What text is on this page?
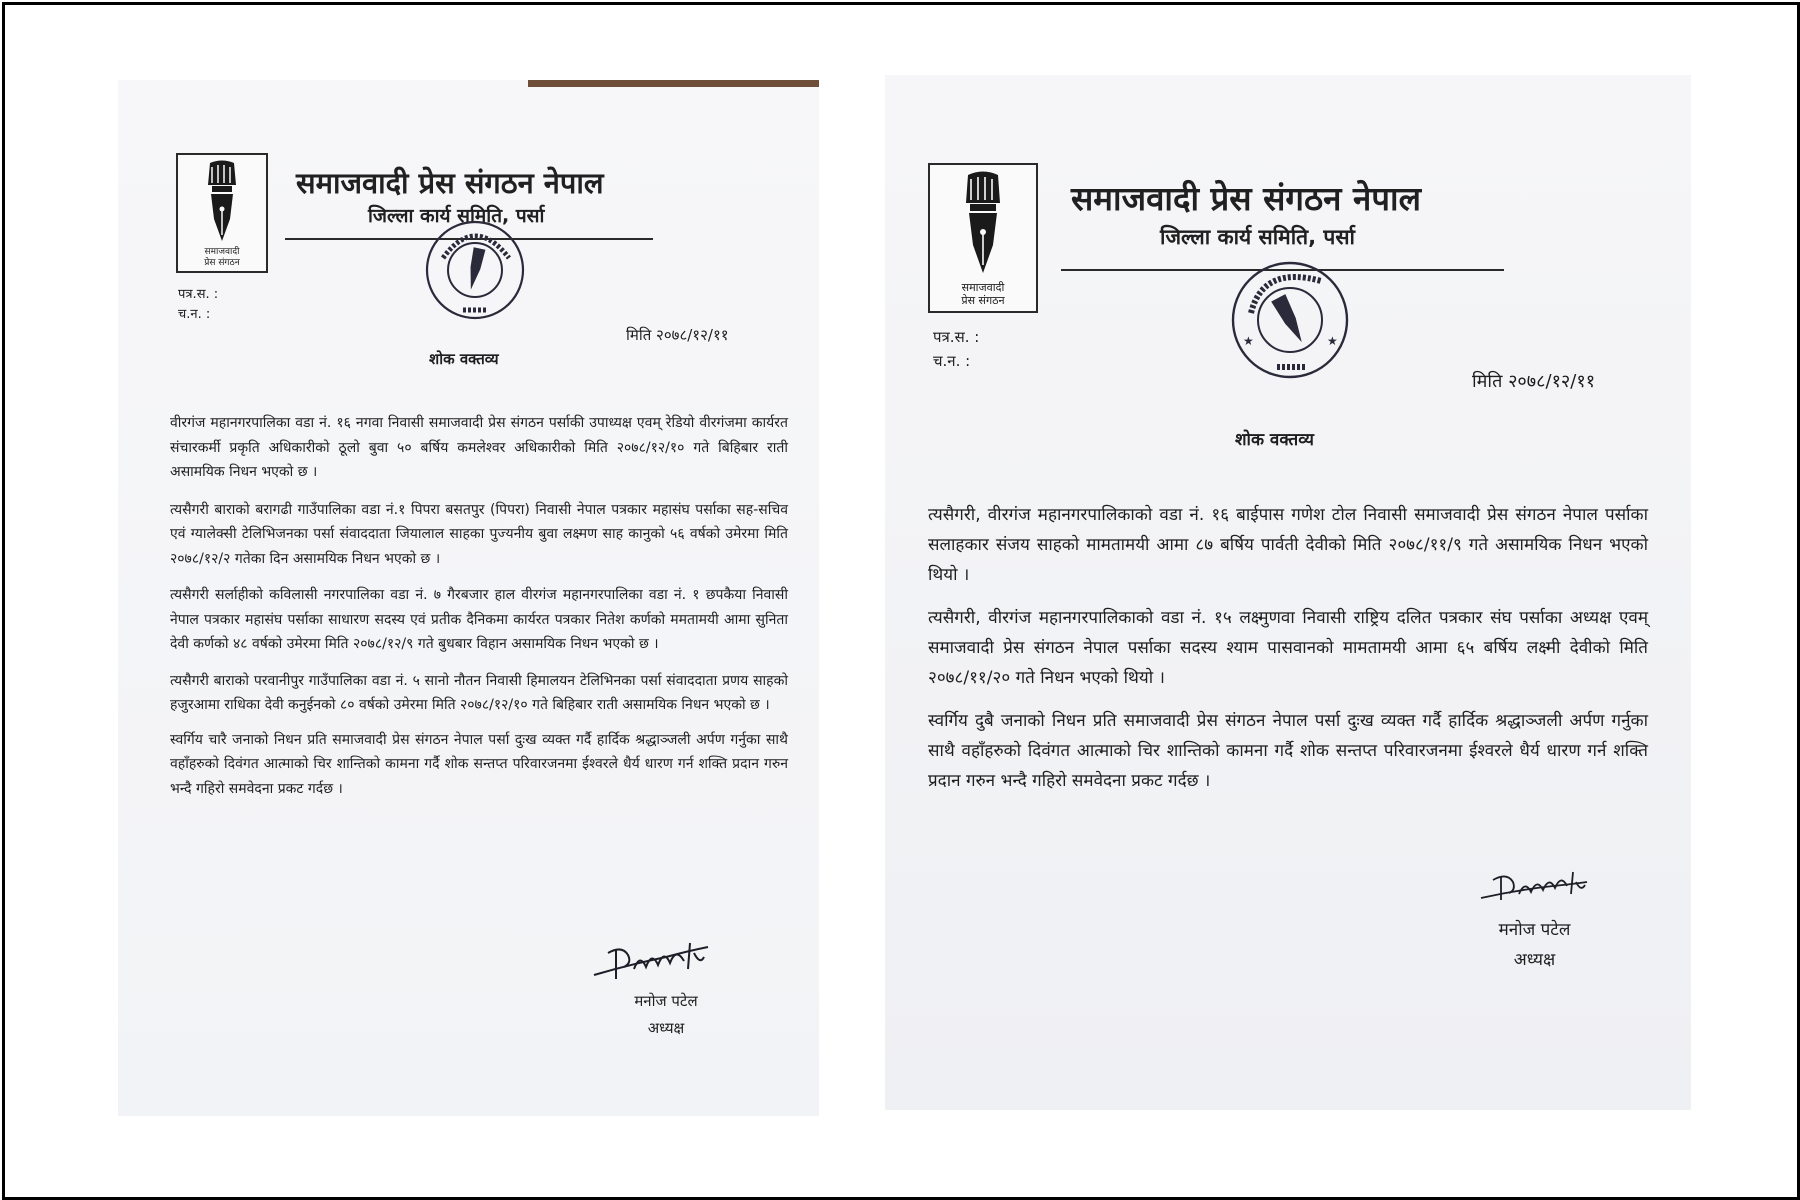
समाजवादी
प्रेस संगठन
समाजवादी प्रेस संगठन नेपाल
जिल्ला कार्य समिति, पर्सा
पत्र.स. :
च.न. :
मिति २०७८/१२/११
शोक वक्तव्य

वीरगंज महानगरपालिका वडा नं. १६ नगवा निवासी समाजवादी प्रेस संगठन पर्साकी उपाध्यक्ष एवम् रेडियो वीरगंजमा कार्यरत संचारकर्मी प्रकृति अधिकारीको ठूलो बुवा ५० बर्षिय कमलेश्वर अधिकारीको मिति २०७८/१२/१० गते बिहिबार राती असामयिक निधन भएको छ ।

त्यसैगरी बाराको बरागढी गाउँपालिका वडा नं.१ पिपरा बसतपुर (पिपरा) निवासी नेपाल पत्रकार महासंघ पर्साका सह-सचिव एवं ग्यालेक्सी टेलिभिजनका पर्सा संवाददाता जियालाल साहका पुज्यनीय बुवा लक्ष्मण साह कानुको ५६ वर्षको उमेरमा मिति २०७८/१२/२ गतेका दिन असामयिक निधन भएको छ ।

त्यसैगरी सर्लाहीको कविलासी नगरपालिका वडा नं. ७ गैरबजार हाल वीरगंज महानगरपालिका वडा नं. १ छपकैया निवासी नेपाल पत्रकार महासंघ पर्साका साधारण सदस्य एवं प्रतीक दैनिकमा कार्यरत पत्रकार नितेश कर्णको ममतामयी आमा सुनिता देवी कर्णको ४८ वर्षको उमेरमा मिति २०७८/१२/९ गते बुधबार विहान असामयिक निधन भएको छ ।

त्यसैगरी बाराको परवानीपुर गाउँपालिका वडा नं. ५ सानो नौतन निवासी हिमालयन टेलिभिनका पर्सा संवाददाता प्रणय साहको हजुरआमा राधिका देवी कनुईनको ८० वर्षको उमेरमा मिति २०७८/१२/१० गते बिहिबार राती असामयिक निधन भएको छ ।

स्वर्गिय चारै जनाको निधन प्रति समाजवादी प्रेस संगठन नेपाल पर्सा दुःख व्यक्त गर्दै हार्दिक श्रद्धाञ्जली अर्पण गर्नुका साथै वहाँहरुको दिवंगत आत्माको चिर शान्तिको कामना गर्दै शोक सन्तप्त परिवारजनमा ईश्वरले धैर्य धारण गर्न शक्ति प्रदान गरुन भन्दै गहिरो समवेदना प्रकट गर्दछ ।

मनोज पटेल
अध्यक्ष
समाजवादी
प्रेस संगठन
समाजवादी प्रेस संगठन नेपाल
जिल्ला कार्य समिति, पर्सा
★	★
पत्र.स. :
च.न. :
मिति २०७८/१२/११
शोक वक्तव्य

त्यसैगरी, वीरगंज महानगरपालिकाको वडा नं. १६ बाईपास गणेश टोल निवासी समाजवादी प्रेस संगठन नेपाल पर्साका सलाहकार संजय साहको मामतामयी आमा ८७ बर्षिय पार्वती देवीको मिति २०७८/११/९ गते असामयिक निधन भएको थियो ।

त्यसैगरी, वीरगंज महानगरपालिकाको वडा नं. १५ लक्ष्मुणवा निवासी राष्ट्रिय दलित पत्रकार संघ पर्साका अध्यक्ष एवम् समाजवादी प्रेस संगठन नेपाल पर्साका सदस्य श्याम पासवानको मामतामयी आमा ६५ बर्षिय लक्ष्मी देवीको मिति २०७८/११/२० गते निधन भएको थियो ।

स्वर्गिय दुबै जनाको निधन प्रति समाजवादी प्रेस संगठन नेपाल पर्सा दुःख व्यक्त गर्दै हार्दिक श्रद्धाञ्जली अर्पण गर्नुका साथै वहाँहरुको दिवंगत आत्माको चिर शान्तिको कामना गर्दै शोक सन्तप्त परिवारजनमा ईश्वरले धैर्य धारण गर्न शक्ति प्रदान गरुन भन्दै गहिरो समवेदना प्रकट गर्दछ ।

मनोज पटेल
अध्यक्ष
